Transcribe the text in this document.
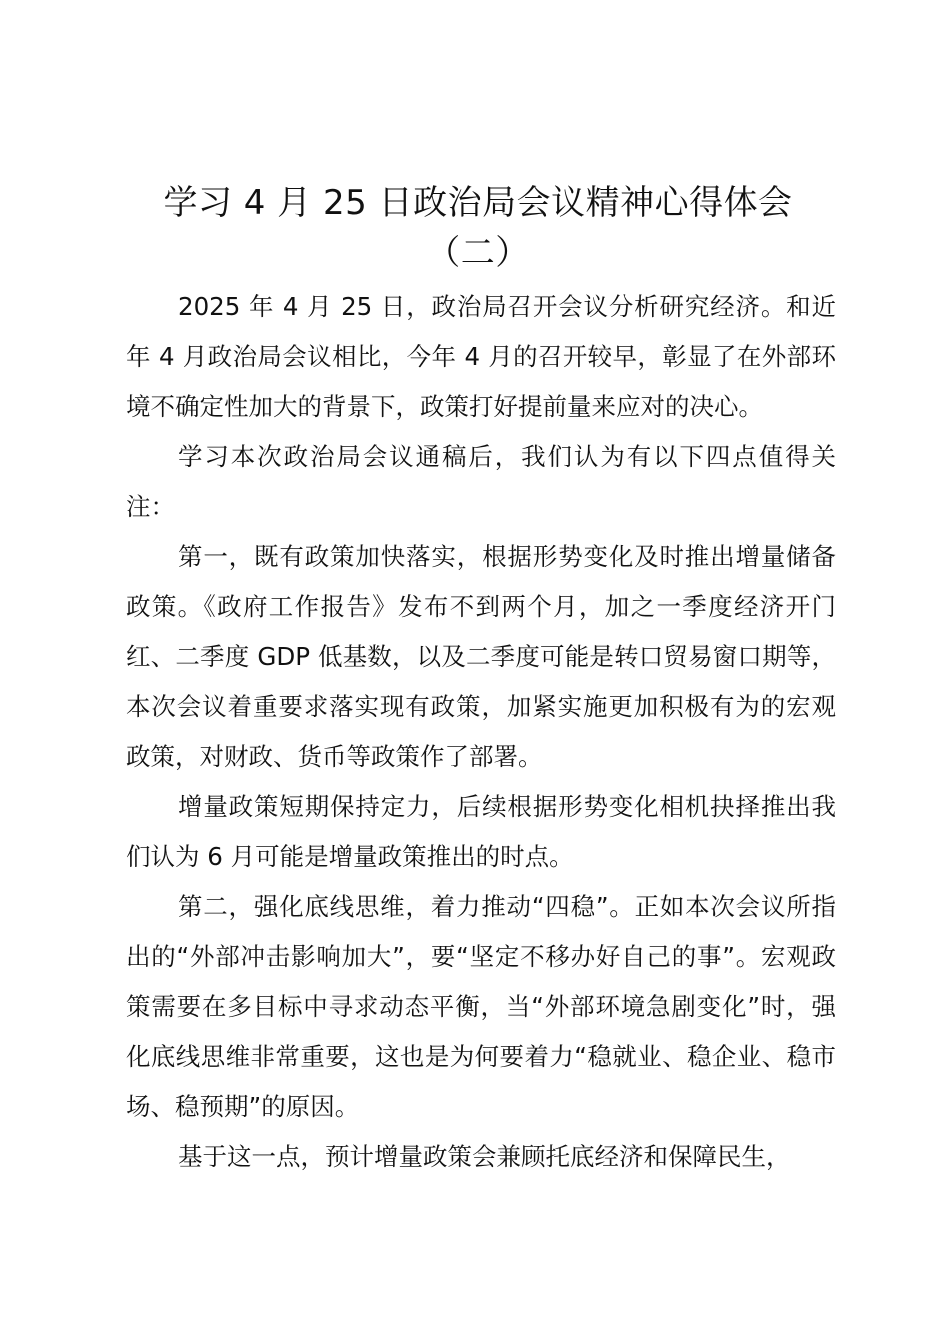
学习 4 月 25 日政治局会议精神心得体会
（二）

2025 年 4 月 25 日，政治局召开会议分析研究经济。和近年 4 月政治局会议相比，今年 4 月的召开较早，彰显了在外部环境不确定性加大的背景下，政策打好提前量来应对的决心。

学习本次政治局会议通稿后，我们认为有以下四点值得关注：

第一，既有政策加快落实，根据形势变化及时推出增量储备政策。《政府工作报告》发布不到两个月，加之一季度经济开门红、二季度 GDP 低基数，以及二季度可能是转口贸易窗口期等，本次会议着重要求落实现有政策，加紧实施更加积极有为的宏观政策，对财政、货币等政策作了部署。

增量政策短期保持定力，后续根据形势变化相机抉择推出我们认为 6 月可能是增量政策推出的时点。

第二，强化底线思维，着力推动“四稳”。正如本次会议所指出的“外部冲击影响加大”，要“坚定不移办好自己的事”。宏观政策需要在多目标中寻求动态平衡，当“外部环境急剧变化”时，强化底线思维非常重要，这也是为何要着力“稳就业、稳企业、稳市场、稳预期”的原因。

基于这一点，预计增量政策会兼顾托底经济和保障民生，
